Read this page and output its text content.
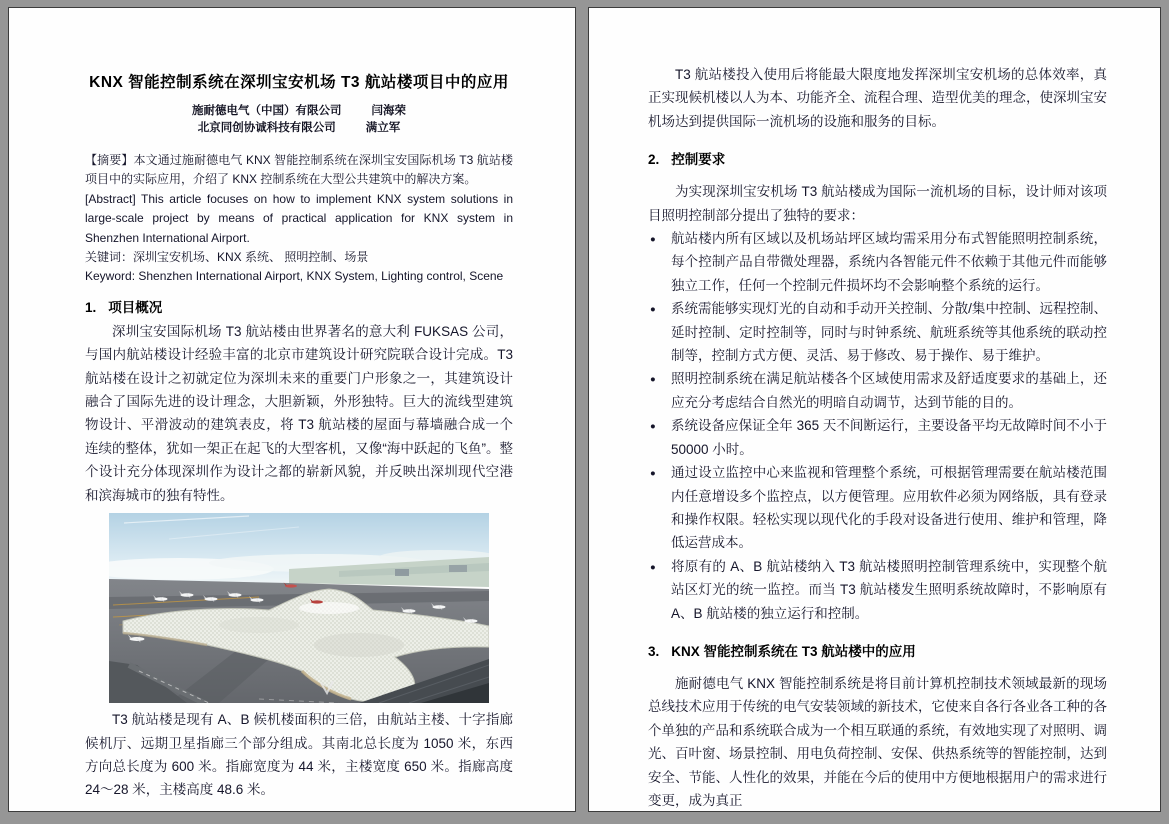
KNX 智能控制系统在深圳宝安机场 T3 航站楼项目中的应用
施耐德电气（中国）有限公司	闫海荣
北京同创协诚科技有限公司	满立军
【摘要】本文通过施耐德电气 KNX 智能控制系统在深圳宝安国际机场 T3 航站楼项目中的实际应用，介绍了 KNX 控制系统在大型公共建筑中的解决方案。
[Abstract] This article focuses on how to implement KNX system solutions in large-scale project by means of practical application for KNX system in Shenzhen International Airport.
关键词：深圳宝安机场、KNX 系统、 照明控制、场景
Keyword: Shenzhen International Airport, KNX System, Lighting control, Scene
1. 项目概况

深圳宝安国际机场 T3 航站楼由世界著名的意大利 FUKSAS 公司，与国内航站楼设计经验丰富的北京市建筑设计研究院联合设计完成。T3 航站楼在设计之初就定位为深圳未来的重要门户形象之一，其建筑设计融合了国际先进的设计理念，大胆新颖，外形独特。巨大的流线型建筑物设计、平滑波动的建筑表皮，将 T3 航站楼的屋面与幕墙融合成一个连续的整体，犹如一架正在起飞的大型客机，又像“海中跃起的飞鱼”。整个设计充分体现深圳作为设计之都的崭新风貌，并反映出深圳现代空港和滨海城市的独有特性。

T3 航站楼是现有 A、B 候机楼面积的三倍，由航站主楼、十字指廊候机厅、远期卫星指廊三个部分组成。其南北总长度为 1050 米，东西方向总长度为 600 米。指廊宽度为 44 米，主楼宽度 650 米。指廊高度 24～28 米，主楼高度 48.6 米。

T3 航站楼投入使用后将能最大限度地发挥深圳宝安机场的总体效率，真正实现候机楼以人为本、功能齐全、流程合理、造型优美的理念，使深圳宝安机场达到提供国际一流机场的设施和服务的目标。

2. 控制要求

为实现深圳宝安机场 T3 航站楼成为国际一流机场的目标，设计师对该项目照明控制部分提出了独特的要求：

航站楼内所有区域以及机场站坪区域均需采用分布式智能照明控制系统，每个控制产品自带微处理器，系统内各智能元件不依赖于其他元件而能够独立工作，任何一个控制元件损坏均不会影响整个系统的运行。
系统需能够实现灯光的自动和手动开关控制、分散/集中控制、远程控制、延时控制、定时控制等，同时与时钟系统、航班系统等其他系统的联动控制等，控制方式方便、灵活、易于修改、易于操作、易于维护。
照明控制系统在满足航站楼各个区域使用需求及舒适度要求的基础上，还应充分考虑结合自然光的明暗自动调节，达到节能的目的。
系统设备应保证全年 365 天不间断运行，主要设备平均无故障时间不小于 50000 小时。
通过设立监控中心来监视和管理整个系统，可根据管理需要在航站楼范围内任意增设多个监控点，以方便管理。应用软件必须为网络版，具有登录和操作权限。轻松实现以现代化的手段对设备进行使用、维护和管理，降低运营成本。
将原有的 A、B 航站楼纳入 T3 航站楼照明控制管理系统中，实现整个航站区灯光的统一监控。而当 T3 航站楼发生照明系统故障时，不影响原有 A、B 航站楼的独立运行和控制。
3. KNX 智能控制系统在 T3 航站楼中的应用

施耐德电气 KNX 智能控制系统是将目前计算机控制技术领域最新的现场总线技术应用于传统的电气安装领域的新技术，它使来自各行各业各工种的各个单独的产品和系统联合成为一个相互联通的系统，有效地实现了对照明、调光、百叶窗、场景控制、用电负荷控制、安保、供热系统等的智能控制，达到安全、节能、人性化的效果，并能在今后的使用中方便地根据用户的需求进行变更，成为真正
